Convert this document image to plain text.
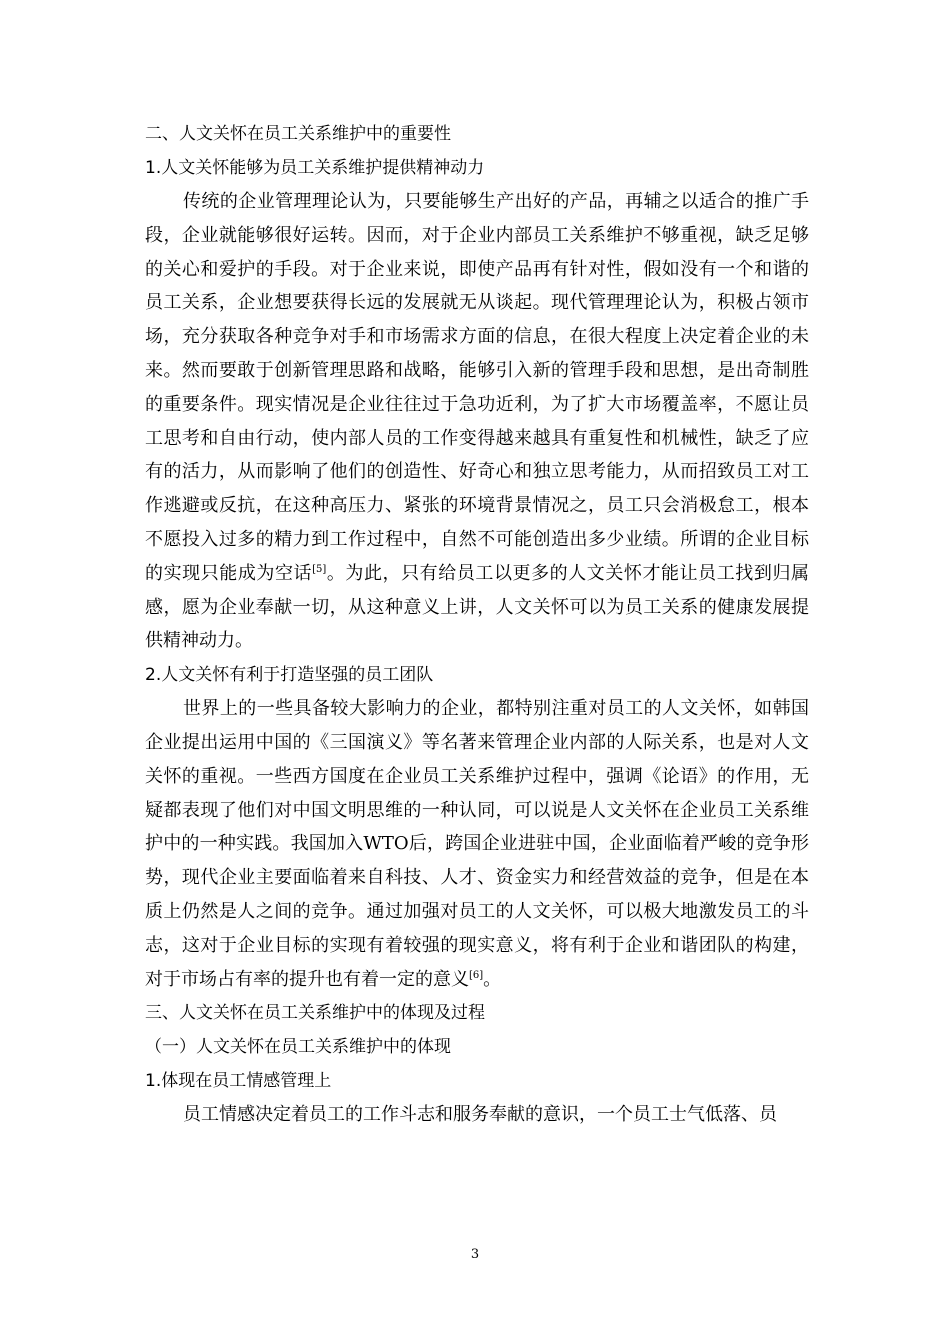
二、人文关怀在员工关系维护中的重要性
1.人文关怀能够为员工关系维护提供精神动力

传统的企业管理理论认为，只要能够生产出好的产品，再辅之以适合的推广手段，企业就能够很好运转。因而，对于企业内部员工关系维护不够重视，缺乏足够的关心和爱护的手段。对于企业来说，即使产品再有针对性，假如没有一个和谐的员工关系，企业想要获得长远的发展就无从谈起。现代管理理论认为，积极占领市场，充分获取各种竞争对手和市场需求方面的信息，在很大程度上决定着企业的未来。然而要敢于创新管理思路和战略，能够引入新的管理手段和思想，是出奇制胜的重要条件。现实情况是企业往往过于急功近利，为了扩大市场覆盖率，不愿让员工思考和自由行动，使内部人员的工作变得越来越具有重复性和机械性，缺乏了应有的活力，从而影响了他们的创造性、好奇心和独立思考能力，从而招致员工对工作逃避或反抗，在这种高压力、紧张的环境背景情况之，员工只会消极怠工，根本不愿投入过多的精力到工作过程中，自然不可能创造出多少业绩。所谓的企业目标的实现只能成为空话[5]。为此，只有给员工以更多的人文关怀才能让员工找到归属感，愿为企业奉献一切，从这种意义上讲，人文关怀可以为员工关系的健康发展提供精神动力。

2.人文关怀有利于打造坚强的员工团队

世界上的一些具备较大影响力的企业，都特别注重对员工的人文关怀，如韩国企业提出运用中国的《三国演义》等名著来管理企业内部的人际关系，也是对人文关怀的重视。一些西方国度在企业员工关系维护过程中，强调《论语》的作用，无疑都表现了他们对中国文明思维的一种认同，可以说是人文关怀在企业员工关系维护中的一种实践。我国加入WTO后，跨国企业进驻中国，企业面临着严峻的竞争形势，现代企业主要面临着来自科技、人才、资金实力和经营效益的竞争，但是在本质上仍然是人之间的竞争。通过加强对员工的人文关怀，可以极大地激发员工的斗志，这对于企业目标的实现有着较强的现实意义，将有利于企业和谐团队的构建，对于市场占有率的提升也有着一定的意义[6]。

三、人文关怀在员工关系维护中的体现及过程
（一）人文关怀在员工关系维护中的体现
1.体现在员工情感管理上

员工情感决定着员工的工作斗志和服务奉献的意识，一个员工士气低落、员

3
